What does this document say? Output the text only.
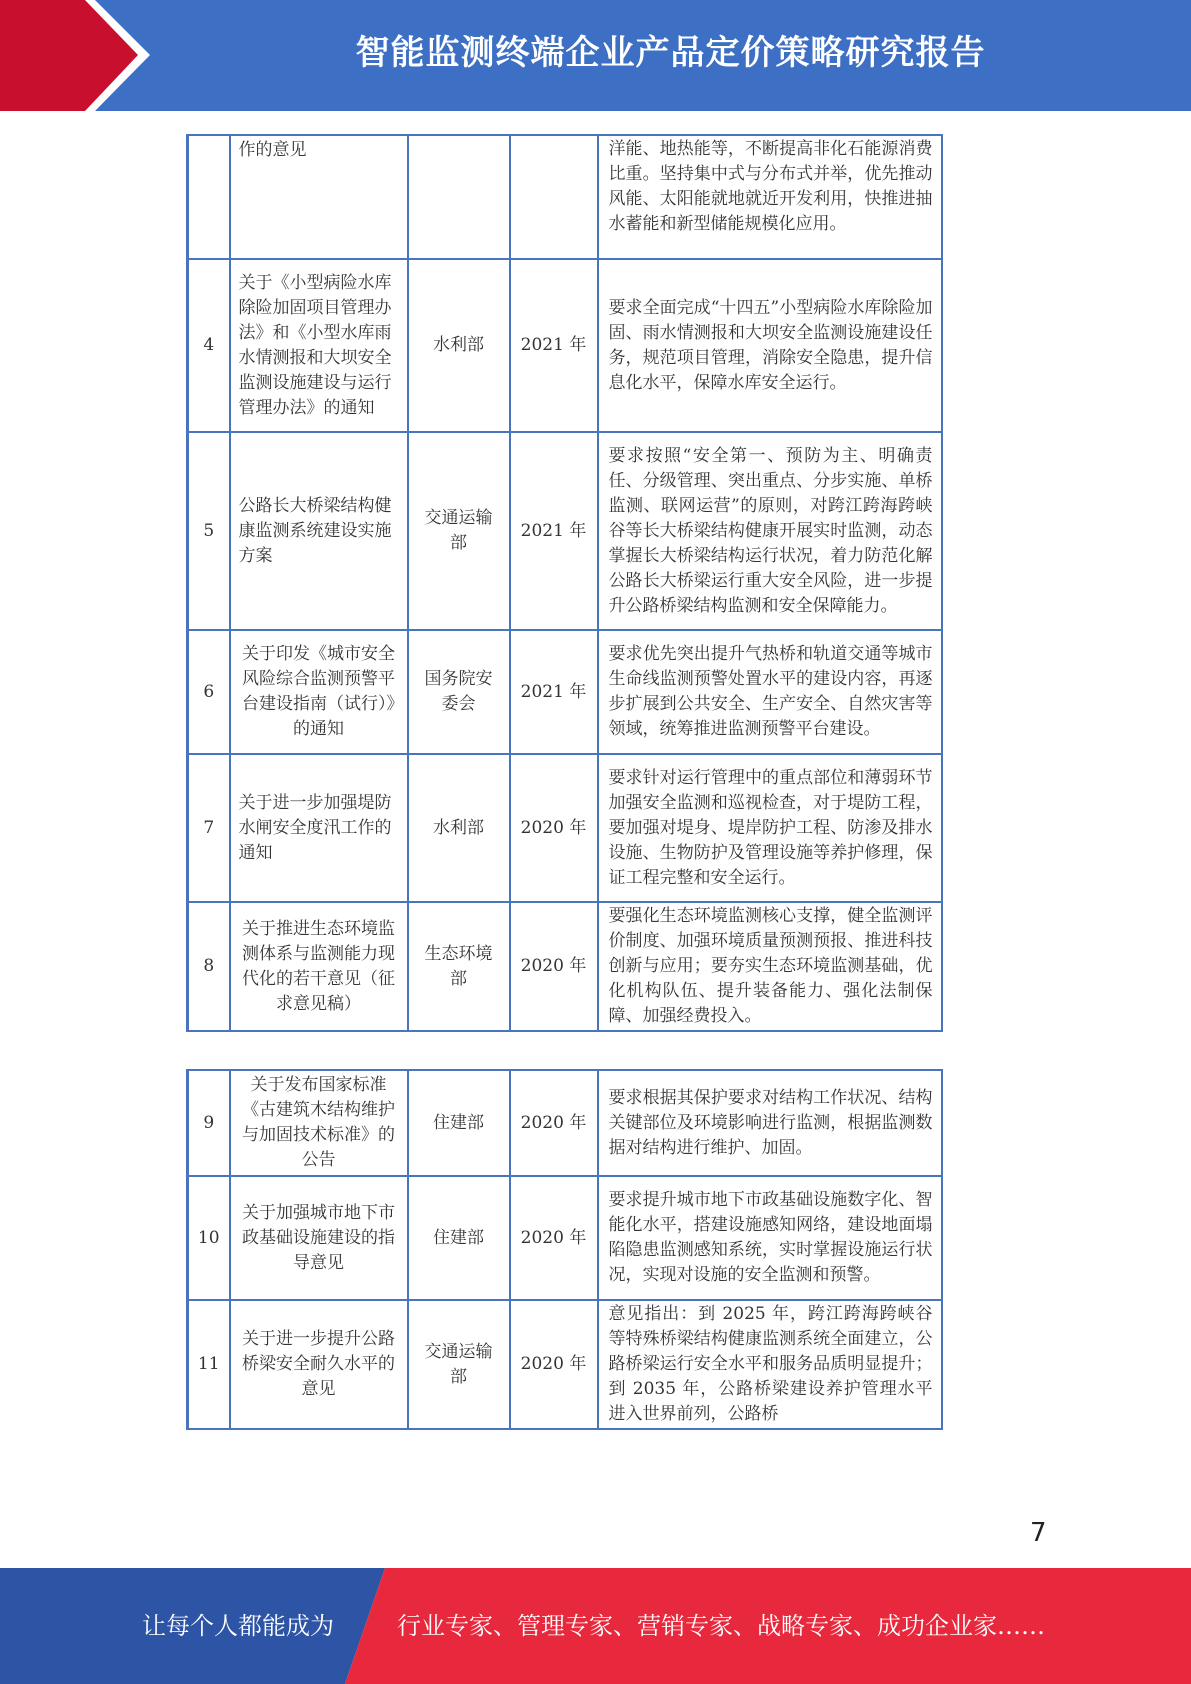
智能监测终端企业产品定价策略研究报告
	作的意见			洋能、地热能等，不断提高非化石能源消费比重。坚持集中式与分布式并举，优先推动风能、太阳能就地就近开发利用，快推进抽水蓄能和新型储能规模化应用。
4	关于《小型病险水库除险加固项目管理办法》和《小型水库雨水情测报和大坝安全监测设施建设与运行管理办法》的通知	水利部	2021 年	要求全面完成“十四五”小型病险水库除险加固、雨水情测报和大坝安全监测设施建设任务，规范项目管理，消除安全隐患，提升信息化水平，保障水库安全运行。
5	公路长大桥梁结构健康监测系统建设实施方案	交通运输部	2021 年	要求按照“安全第一、预防为主、明确责任、分级管理、突出重点、分步实施、单桥监测、联网运营”的原则，对跨江跨海跨峡谷等长大桥梁结构健康开展实时监测，动态掌握长大桥梁结构运行状况，着力防范化解公路长大桥梁运行重大安全风险，进一步提升公路桥梁结构监测和安全保障能力。
6	关于印发《城市安全风险综合监测预警平台建设指南（试行）》的通知	国务院安委会	2021 年	要求优先突出提升气热桥和轨道交通等城市生命线监测预警处置水平的建设内容，再逐步扩展到公共安全、生产安全、自然灾害等领域，统筹推进监测预警平台建设。
7	关于进一步加强堤防水闸安全度汛工作的通知	水利部	2020 年	要求针对运行管理中的重点部位和薄弱环节加强安全监测和巡视检查，对于堤防工程，要加强对堤身、堤岸防护工程、防渗及排水设施、生物防护及管理设施等养护修理，保证工程完整和安全运行。
8	关于推进生态环境监测体系与监测能力现代化的若干意见（征求意见稿）	生态环境部	2020 年	要强化生态环境监测核心支撑，健全监测评价制度、加强环境质量预测预报、推进科技创新与应用；要夯实生态环境监测基础，优化机构队伍、提升装备能力、强化法制保障、加强经费投入。
9	关于发布国家标准《古建筑木结构维护与加固技术标准》的公告	住建部	2020 年	要求根据其保护要求对结构工作状况、结构关键部位及环境影响进行监测，根据监测数据对结构进行维护、加固。
10	关于加强城市地下市政基础设施建设的指导意见	住建部	2020 年	要求提升城市地下市政基础设施数字化、智能化水平，搭建设施感知网络，建设地面塌陷隐患监测感知系统，实时掌握设施运行状况，实现对设施的安全监测和预警。
11	关于进一步提升公路桥梁安全耐久水平的意见	交通运输部	2020 年	意见指出：到 2025 年，跨江跨海跨峡谷等特殊桥梁结构健康监测系统全面建立，公路桥梁运行安全水平和服务品质明显提升；到 2035 年，公路桥梁建设养护管理水平进入世界前列，公路桥
7
让每个人都能成为	行业专家、管理专家、营销专家、战略专家、成功企业家……
